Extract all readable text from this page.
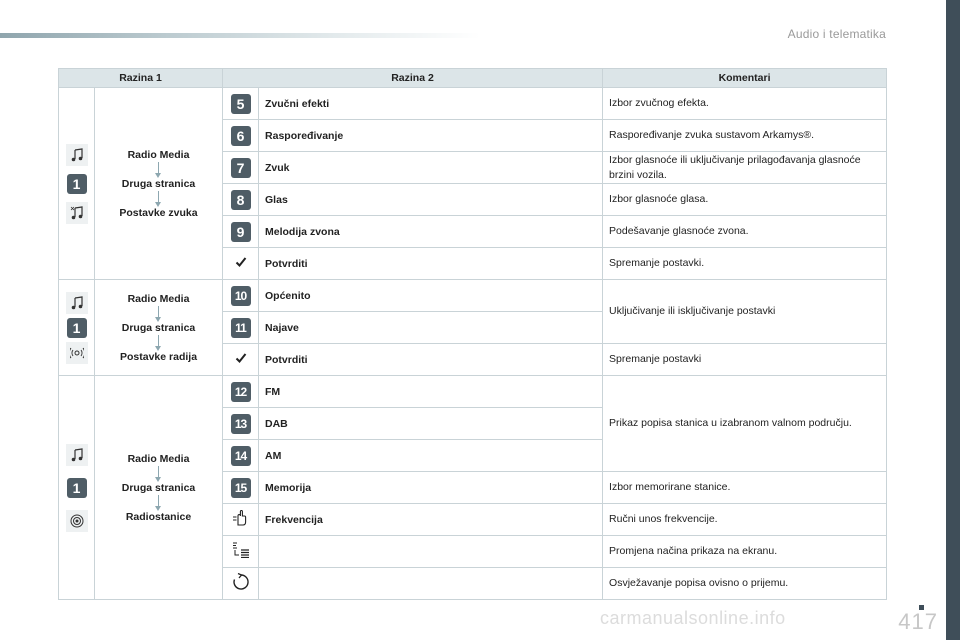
Audio i telematika
Razina 1		Razina 2		Komentari

1	Radio Media
Druga stranica
Postavke zvuka	5	Zvučni efekti	Izbor zvučnog efekta.
		6	Raspoređivanje	Raspoređivanje zvuka sustavom Arkamys®.
		7	Zvuk	Izbor glasnoće ili uključivanje prilagođavanja glasnoće brzini vozila.
		8	Glas	Izbor glasnoće glasa.
		9	Melodija zvona	Podešavanje glasnoće zvona.
	Potvrditi	Spremanje postavki.

1	Radio Media
Druga stranica
Postavke radija	10	Općenito	Uključivanje ili isključivanje postavki
		11	Najave	
	Potvrditi	Spremanje postavki

1	Radio Media
Druga stranica
Radiostanice	12	FM	Prikaz popisa stanica u izabranom valnom području.
		13	DAB	
		14	AM	
		15	Memorija	Izbor memorirane stanice.
	Frekvencija	Ručni unos frekvencije.
		Promjena načina prikaza na ekranu.
		Osvježavanje popisa ovisno o prijemu.
carmanualsonline.info	417
